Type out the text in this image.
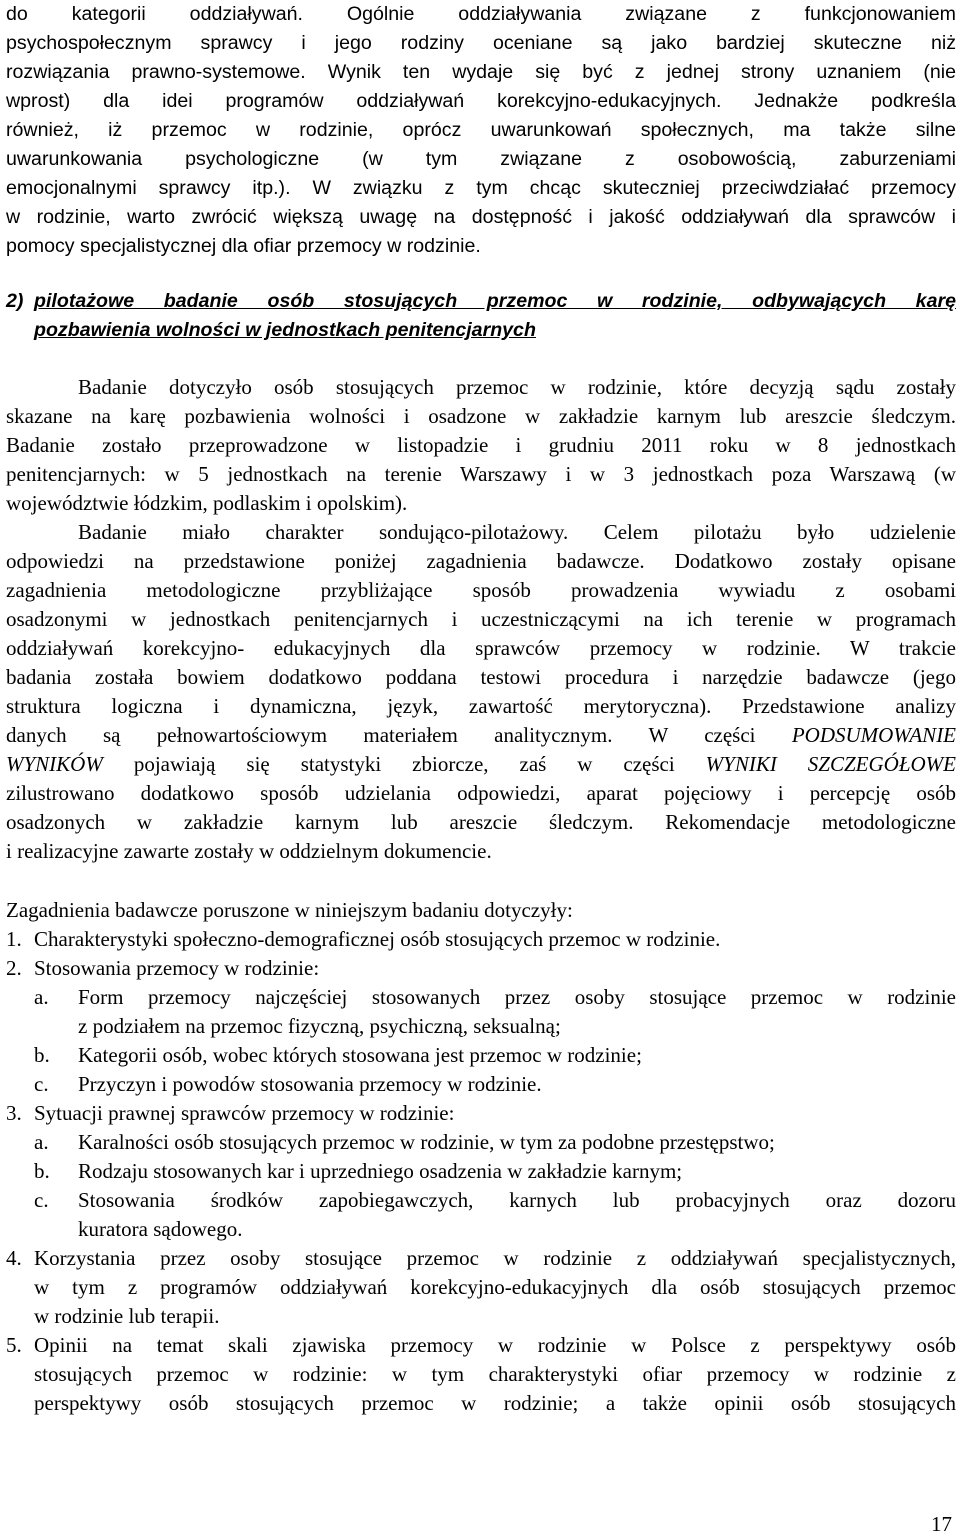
do kategorii oddziaływań. Ogólnie oddziaływania związane z funkcjonowaniem
psychospołecznym sprawcy i jego rodziny oceniane są jako bardziej skuteczne niż
rozwiązania prawno-systemowe. Wynik ten wydaje się być z jednej strony uznaniem (nie
wprost) dla idei programów oddziaływań korekcyjno-edukacyjnych. Jednakże podkreśla
również, iż przemoc w rodzinie, oprócz uwarunkowań społecznych, ma także silne
uwarunkowania psychologiczne (w tym związane z osobowością, zaburzeniami
emocjonalnymi sprawcy itp.). W związku z tym chcąc skuteczniej przeciwdziałać przemocy
w rodzinie, warto zwrócić większą uwagę na dostępność i jakość oddziaływań dla sprawców i
pomocy specjalistycznej dla ofiar przemocy w rodzinie.
2) pilotażowe badanie osób stosujących przemoc w rodzinie, odbywających karę
pozbawienia wolności w jednostkach penitencjarnych
Badanie dotyczyło osób stosujących przemoc w rodzinie, które decyzją sądu zostały
skazane na karę pozbawienia wolności i osadzone w zakładzie karnym lub areszcie śledczym.
Badanie zostało przeprowadzone w listopadzie i grudniu 2011 roku w 8 jednostkach
penitencjarnych: w 5 jednostkach na terenie Warszawy i w 3 jednostkach poza Warszawą (w
województwie łódzkim, podlaskim i opolskim).
Badanie miało charakter sondująco-pilotażowy. Celem pilotażu było udzielenie
odpowiedzi na przedstawione poniżej zagadnienia badawcze. Dodatkowo zostały opisane
zagadnienia metodologiczne przybliżające sposób prowadzenia wywiadu z osobami
osadzonymi w jednostkach penitencjarnych i uczestniczącymi na ich terenie w programach
oddziaływań korekcyjno- edukacyjnych dla sprawców przemocy w rodzinie. W trakcie
badania została bowiem dodatkowo poddana testowi procedura i narzędzie badawcze (jego
struktura logiczna i dynamiczna, język, zawartość merytoryczna). Przedstawione analizy
danych są pełnowartościowym materiałem analitycznym. W części PODSUMOWANIE
WYNIKÓW pojawiają się statystyki zbiorcze, zaś w części WYNIKI SZCZEGÓŁOWE
zilustrowano dodatkowo sposób udzielania odpowiedzi, aparat pojęciowy i percepcję osób
osadzonych w zakładzie karnym lub areszcie śledczym. Rekomendacje metodologiczne
i realizacyjne zawarte zostały w oddzielnym dokumencie.
Zagadnienia badawcze poruszone w niniejszym badaniu dotyczyły:
1. Charakterystyki społeczno-demograficznej osób stosujących przemoc w rodzinie.
2. Stosowania przemocy w rodzinie:
a. Form przemocy najczęściej stosowanych przez osoby stosujące przemoc w rodzinie
z podziałem na przemoc fizyczną, psychiczną, seksualną;
b. Kategorii osób, wobec których stosowana jest przemoc w rodzinie;
c. Przyczyn i powodów stosowania przemocy w rodzinie.
3. Sytuacji prawnej sprawców przemocy w rodzinie:
a. Karalności osób stosujących przemoc w rodzinie, w tym za podobne przestępstwo;
b. Rodzaju stosowanych kar i uprzedniego osadzenia w zakładzie karnym;
c. Stosowania środków zapobiegawczych, karnych lub probacyjnych oraz dozoru
kuratora sądowego.
4. Korzystania przez osoby stosujące przemoc w rodzinie z oddziaływań specjalistycznych,
w tym z programów oddziaływań korekcyjno-edukacyjnych dla osób stosujących przemoc
w rodzinie lub terapii.
5. Opinii na temat skali zjawiska przemocy w rodzinie w Polsce z perspektywy osób
stosujących przemoc w rodzinie: w tym charakterystyki ofiar przemocy w rodzinie z
perspektywy osób stosujących przemoc w rodzinie; a także opinii osób stosujących
17
